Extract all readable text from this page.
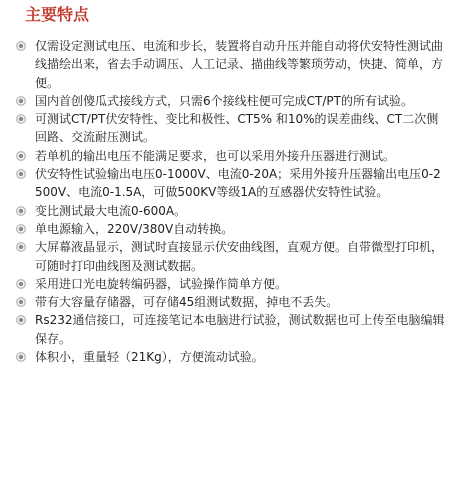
主要特点
仅需设定测试电压、电流和步长，装置将自动升压并能自动将伏安特性测试曲线描绘出来，省去手动调压、人工记录、描曲线等繁琐劳动，快捷、简单，方便。
国内首创傻瓜式接线方式，只需6个接线柱便可完成CT/PT的所有试验。
可测试CT/PT伏安特性、变比和极性、CT5% 和10%的误差曲线、CT二次侧回路、交流耐压测试。
若单机的输出电压不能满足要求，也可以采用外接升压器进行测试。
伏安特性试验输出电压0-1000V、电流0-20A；采用外接升压器输出电压0-2500V、电流0-1.5A，可做500KV等级1A的互感器伏安特性试验。
变比测试最大电流0-600A。
单电源输入，220V/380V自动转换。
大屏幕液晶显示，测试时直接显示伏安曲线图，直观方便。自带微型打印机，可随时打印曲线图及测试数据。
采用进口光电旋转编码器，试验操作简单方便。
带有大容量存储器，可存储45组测试数据，掉电不丢失。
Rs232通信接口，可连接笔记本电脑进行试验，测试数据也可上传至电脑编辑保存。
体积小，重量轻（21Kg），方便流动试验。
